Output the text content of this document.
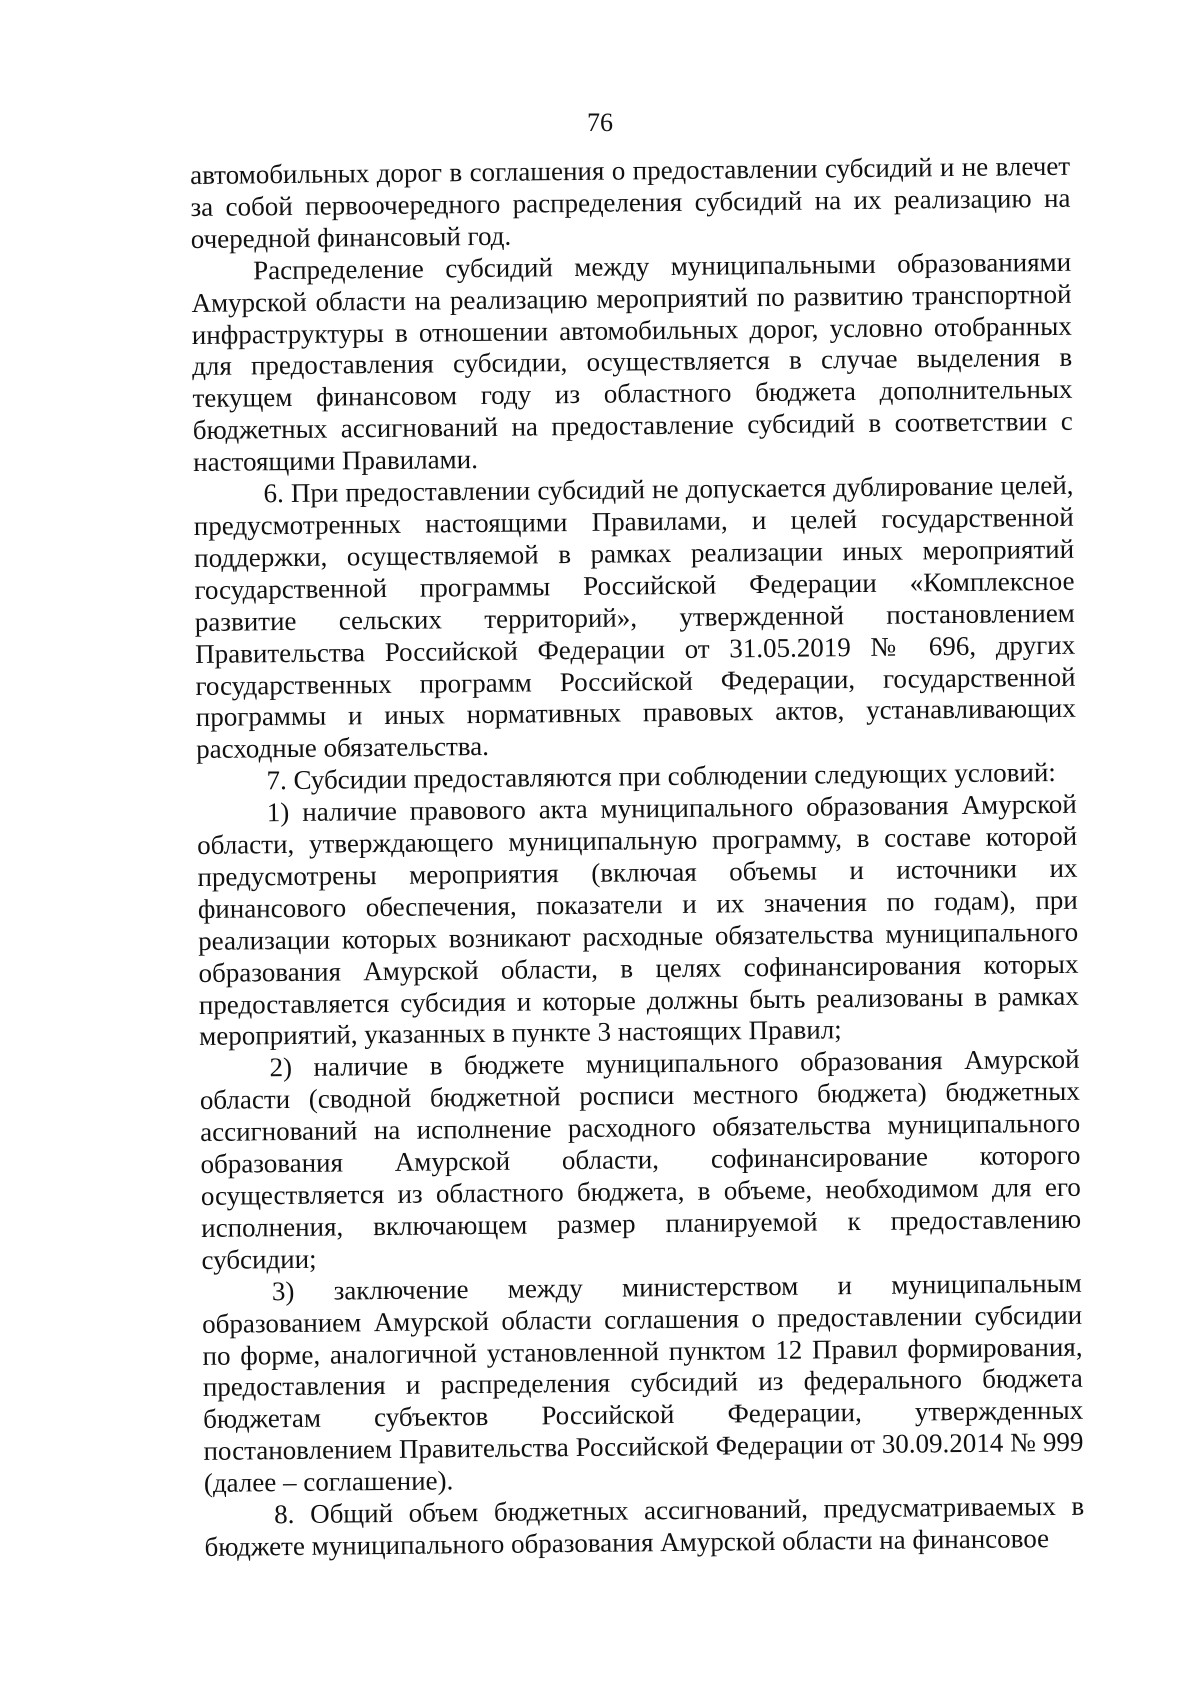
76

автомобильных дорог в соглашения о предоставлении субсидий и не влечет за собой первоочередного распределения субсидий на их реализацию на очередной финансовый год.

Распределение субсидий между муниципальными образованиями Амурской области на реализацию мероприятий по развитию транспортной инфраструктуры в отношении автомобильных дорог, условно отобранных для предоставления субсидии, осуществляется в случае выделения в текущем финансовом году из областного бюджета дополнительных бюджетных ассигнований на предоставление субсидий в соответствии с настоящими Правилами.

6. При предоставлении субсидий не допускается дублирование целей, предусмотренных настоящими Правилами, и целей государственной поддержки, осуществляемой в рамках реализации иных мероприятий государственной программы Российской Федерации «Комплексное развитие сельских территорий», утвержденной постановлением Правительства Российской Федерации от 31.05.2019 № 696, других государственных программ Российской Федерации, государственной программы и иных нормативных правовых актов, устанавливающих расходные обязательства.

7. Субсидии предоставляются при соблюдении следующих условий:

1) наличие правового акта муниципального образования Амурской области, утверждающего муниципальную программу, в составе которой предусмотрены мероприятия (включая объемы и источники их финансового обеспечения, показатели и их значения по годам), при реализации которых возникают расходные обязательства муниципального образования Амурской области, в целях софинансирования которых предоставляется субсидия и которые должны быть реализованы в рамках мероприятий, указанных в пункте 3 настоящих Правил;

2) наличие в бюджете муниципального образования Амурской области (сводной бюджетной росписи местного бюджета) бюджетных ассигнований на исполнение расходного обязательства муниципального образования Амурской области, софинансирование которого осуществляется из областного бюджета, в объеме, необходимом для его исполнения, включающем размер планируемой к предоставлению субсидии;

3) заключение между министерством и муниципальным образованием Амурской области соглашения о предоставлении субсидии по форме, аналогичной установленной пунктом 12 Правил формирования, предоставления и распределения субсидий из федерального бюджета бюджетам субъектов Российской Федерации, утвержденных постановлением Правительства Российской Федерации от 30.09.2014 № 999 (далее – соглашение).

8. Общий объем бюджетных ассигнований, предусматриваемых в бюджете муниципального образования Амурской области на финансовое
